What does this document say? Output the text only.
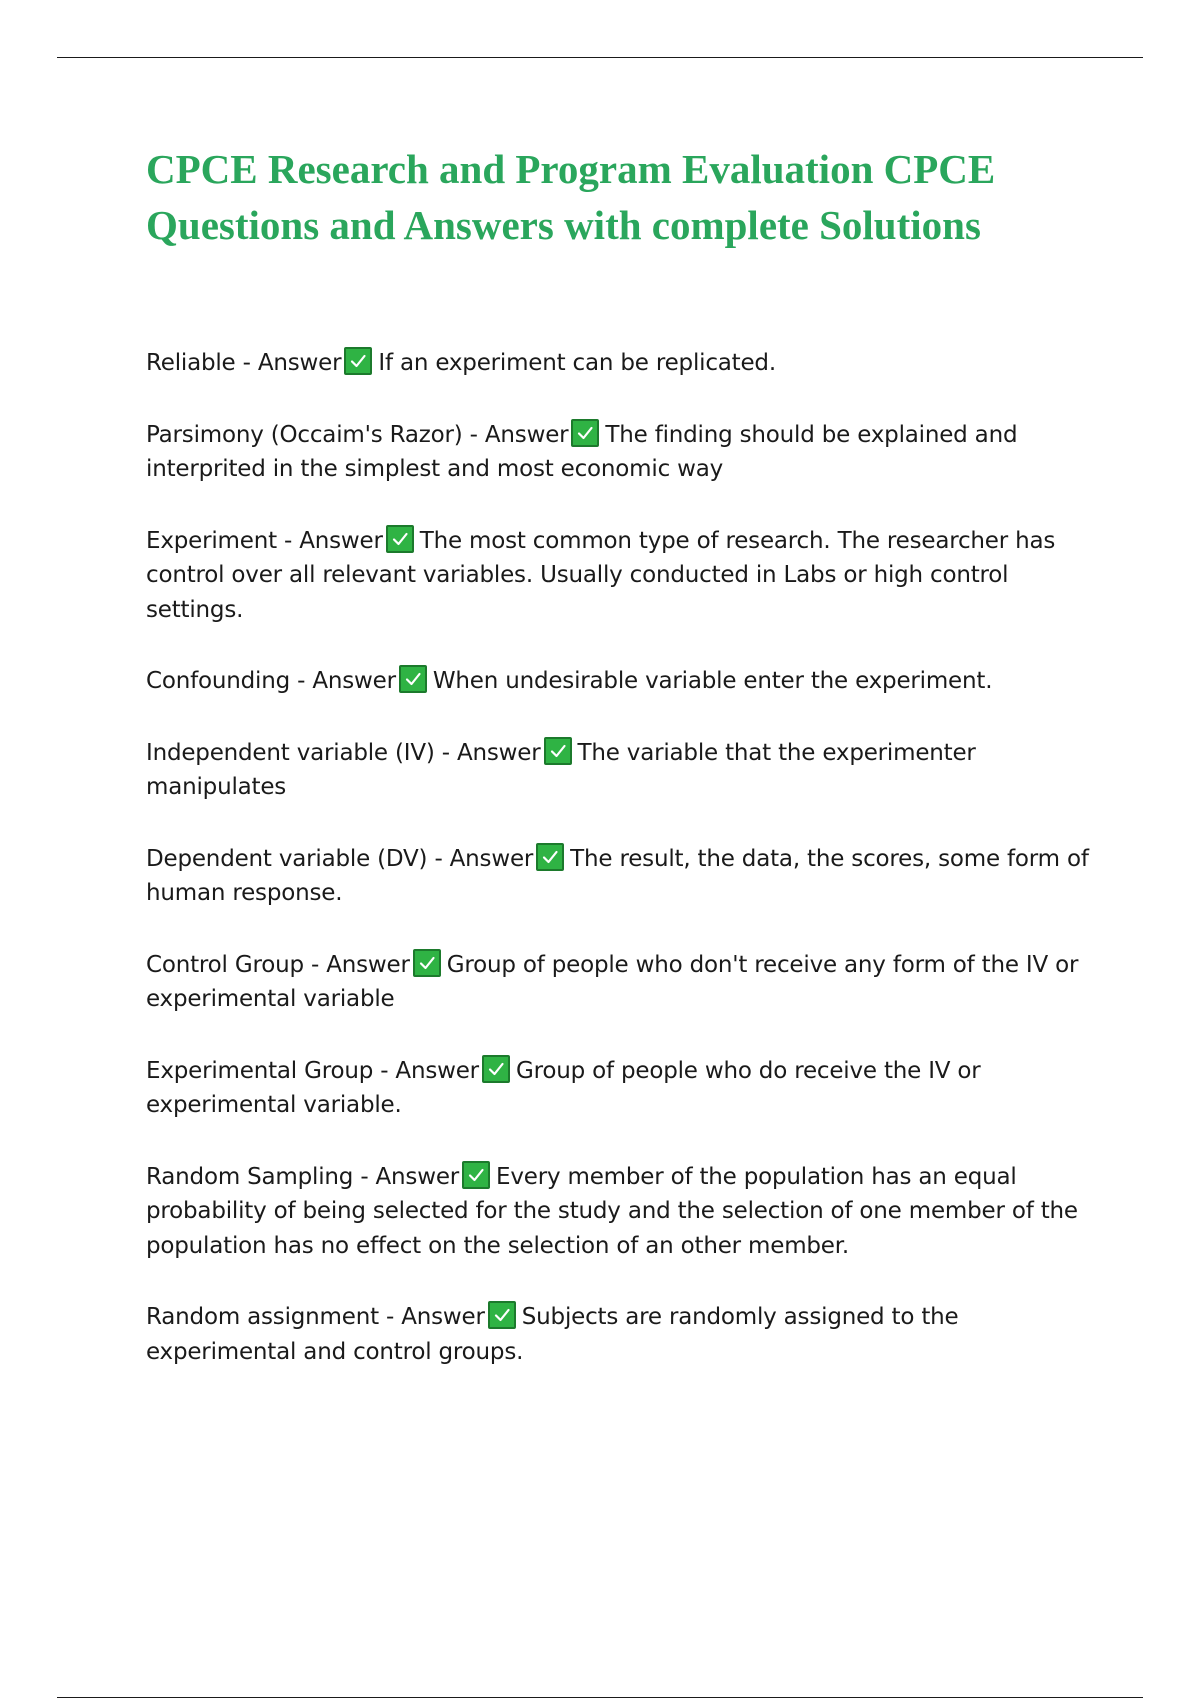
CPCE Research and Program Evaluation CPCE Questions and Answers with complete Solutions
Reliable - Answer If an experiment can be replicated.
Parsimony (Occaim's Razor) - Answer The finding should be explained and interprited in the simplest and most economic way
Experiment - Answer The most common type of research. The researcher has control over all relevant variables. Usually conducted in Labs or high control settings.
Confounding - Answer When undesirable variable enter the experiment.
Independent variable (IV) - Answer The variable that the experimenter manipulates
Dependent variable (DV) - Answer The result, the data, the scores, some form of human response.
Control Group - Answer Group of people who don't receive any form of the IV or experimental variable
Experimental Group - Answer Group of people who do receive the IV or experimental variable.
Random Sampling - Answer Every member of the population has an equal probability of being selected for the study and the selection of one member of the population has no effect on the selection of an other member.
Random assignment - Answer Subjects are randomly assigned to the experimental and control groups.
